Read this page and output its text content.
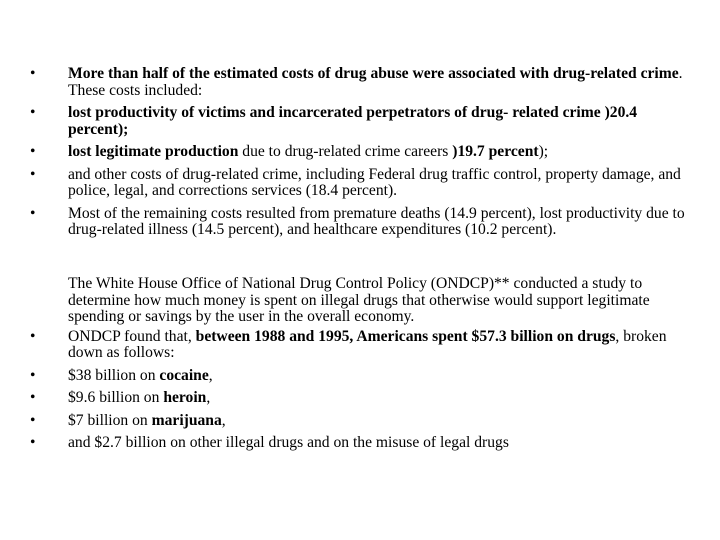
• More than half of the estimated costs of drug abuse were associated with drug-related crime. These costs included:
• lost productivity of victims and incarcerated perpetrators of drug- related crime )20.4 percent);
• lost legitimate production due to drug-related crime careers )19.7 percent);
• and other costs of drug-related crime, including Federal drug traffic control, property damage, and police, legal, and corrections services (18.4 percent).
• Most of the remaining costs resulted from premature deaths (14.9 percent), lost productivity due to drug-related illness (14.5 percent), and healthcare expenditures (10.2 percent).
The White House Office of National Drug Control Policy (ONDCP)** conducted a study to determine how much money is spent on illegal drugs that otherwise would support legitimate spending or savings by the user in the overall economy.
• ONDCP found that, between 1988 and 1995, Americans spent $57.3 billion on drugs, broken down as follows:
• $38 billion on cocaine,
• $9.6 billion on heroin,
• $7 billion on marijuana,
• and $2.7 billion on other illegal drugs and on the misuse of legal drugs
